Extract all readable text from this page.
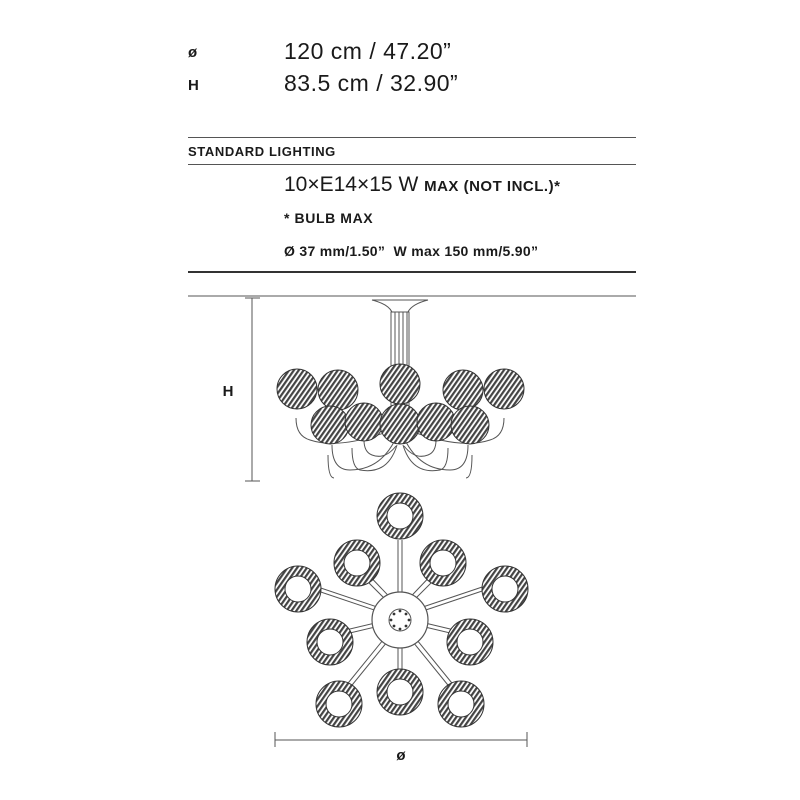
ø	120 cm / 47.20”
H	83.5 cm / 32.90”
STANDARD LIGHTING
10×E14×15 W MAX (NOT INCL.)*
* BULB MAX
Ø 37 mm/1.50”  W max 150 mm/5.90”
H
ø
